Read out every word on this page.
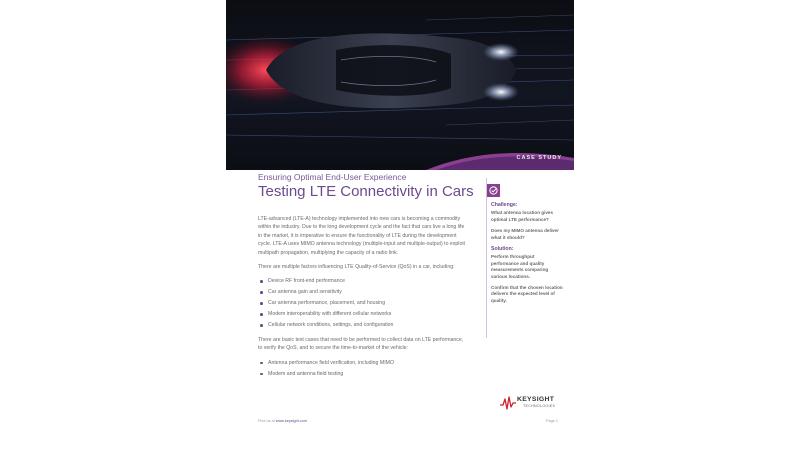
CASE STUDY
Ensuring Optimal End-User Experience
Testing LTE Connectivity in Cars

LTE-advanced (LTE-A) technology implemented into new cars is becoming a commodity within the industry. Due to the long development cycle and the fact that cars live a long life in the market, it is imperative to ensure the functionality of LTE during the development cycle. LTE-A uses MIMO antenna technology (multiple-input and multiple-output) to exploit multipath propagation, multiplying the capacity of a radio link.

There are multiple factors influencing LTE Quality-of-Service (QoS) in a car, including:

Device RF front-end performance
Car antenna gain and sensitivity
Car antenna performance, placement, and housing
Modem interoperability with different cellular networks
Cellular network conditions, settings, and configuration

There are basic test cases that need to be performed to collect data on LTE performance, to verify the QoS, and to secure the time-to-market of the vehicle:

Antenna performance field verification, including MIMO
Modem and antenna field testing
Challenge:
What antenna location gives optimal LTE performance?
Does my MIMO antenna deliver what it should?
Solution:
Perform throughput performance and quality measurements comparing various locations.
Confirm that the chosen location delivers the expected level of quality.
KEYSIGHT
TECHNOLOGIES
Find us at www.keysight.com	Page 1
